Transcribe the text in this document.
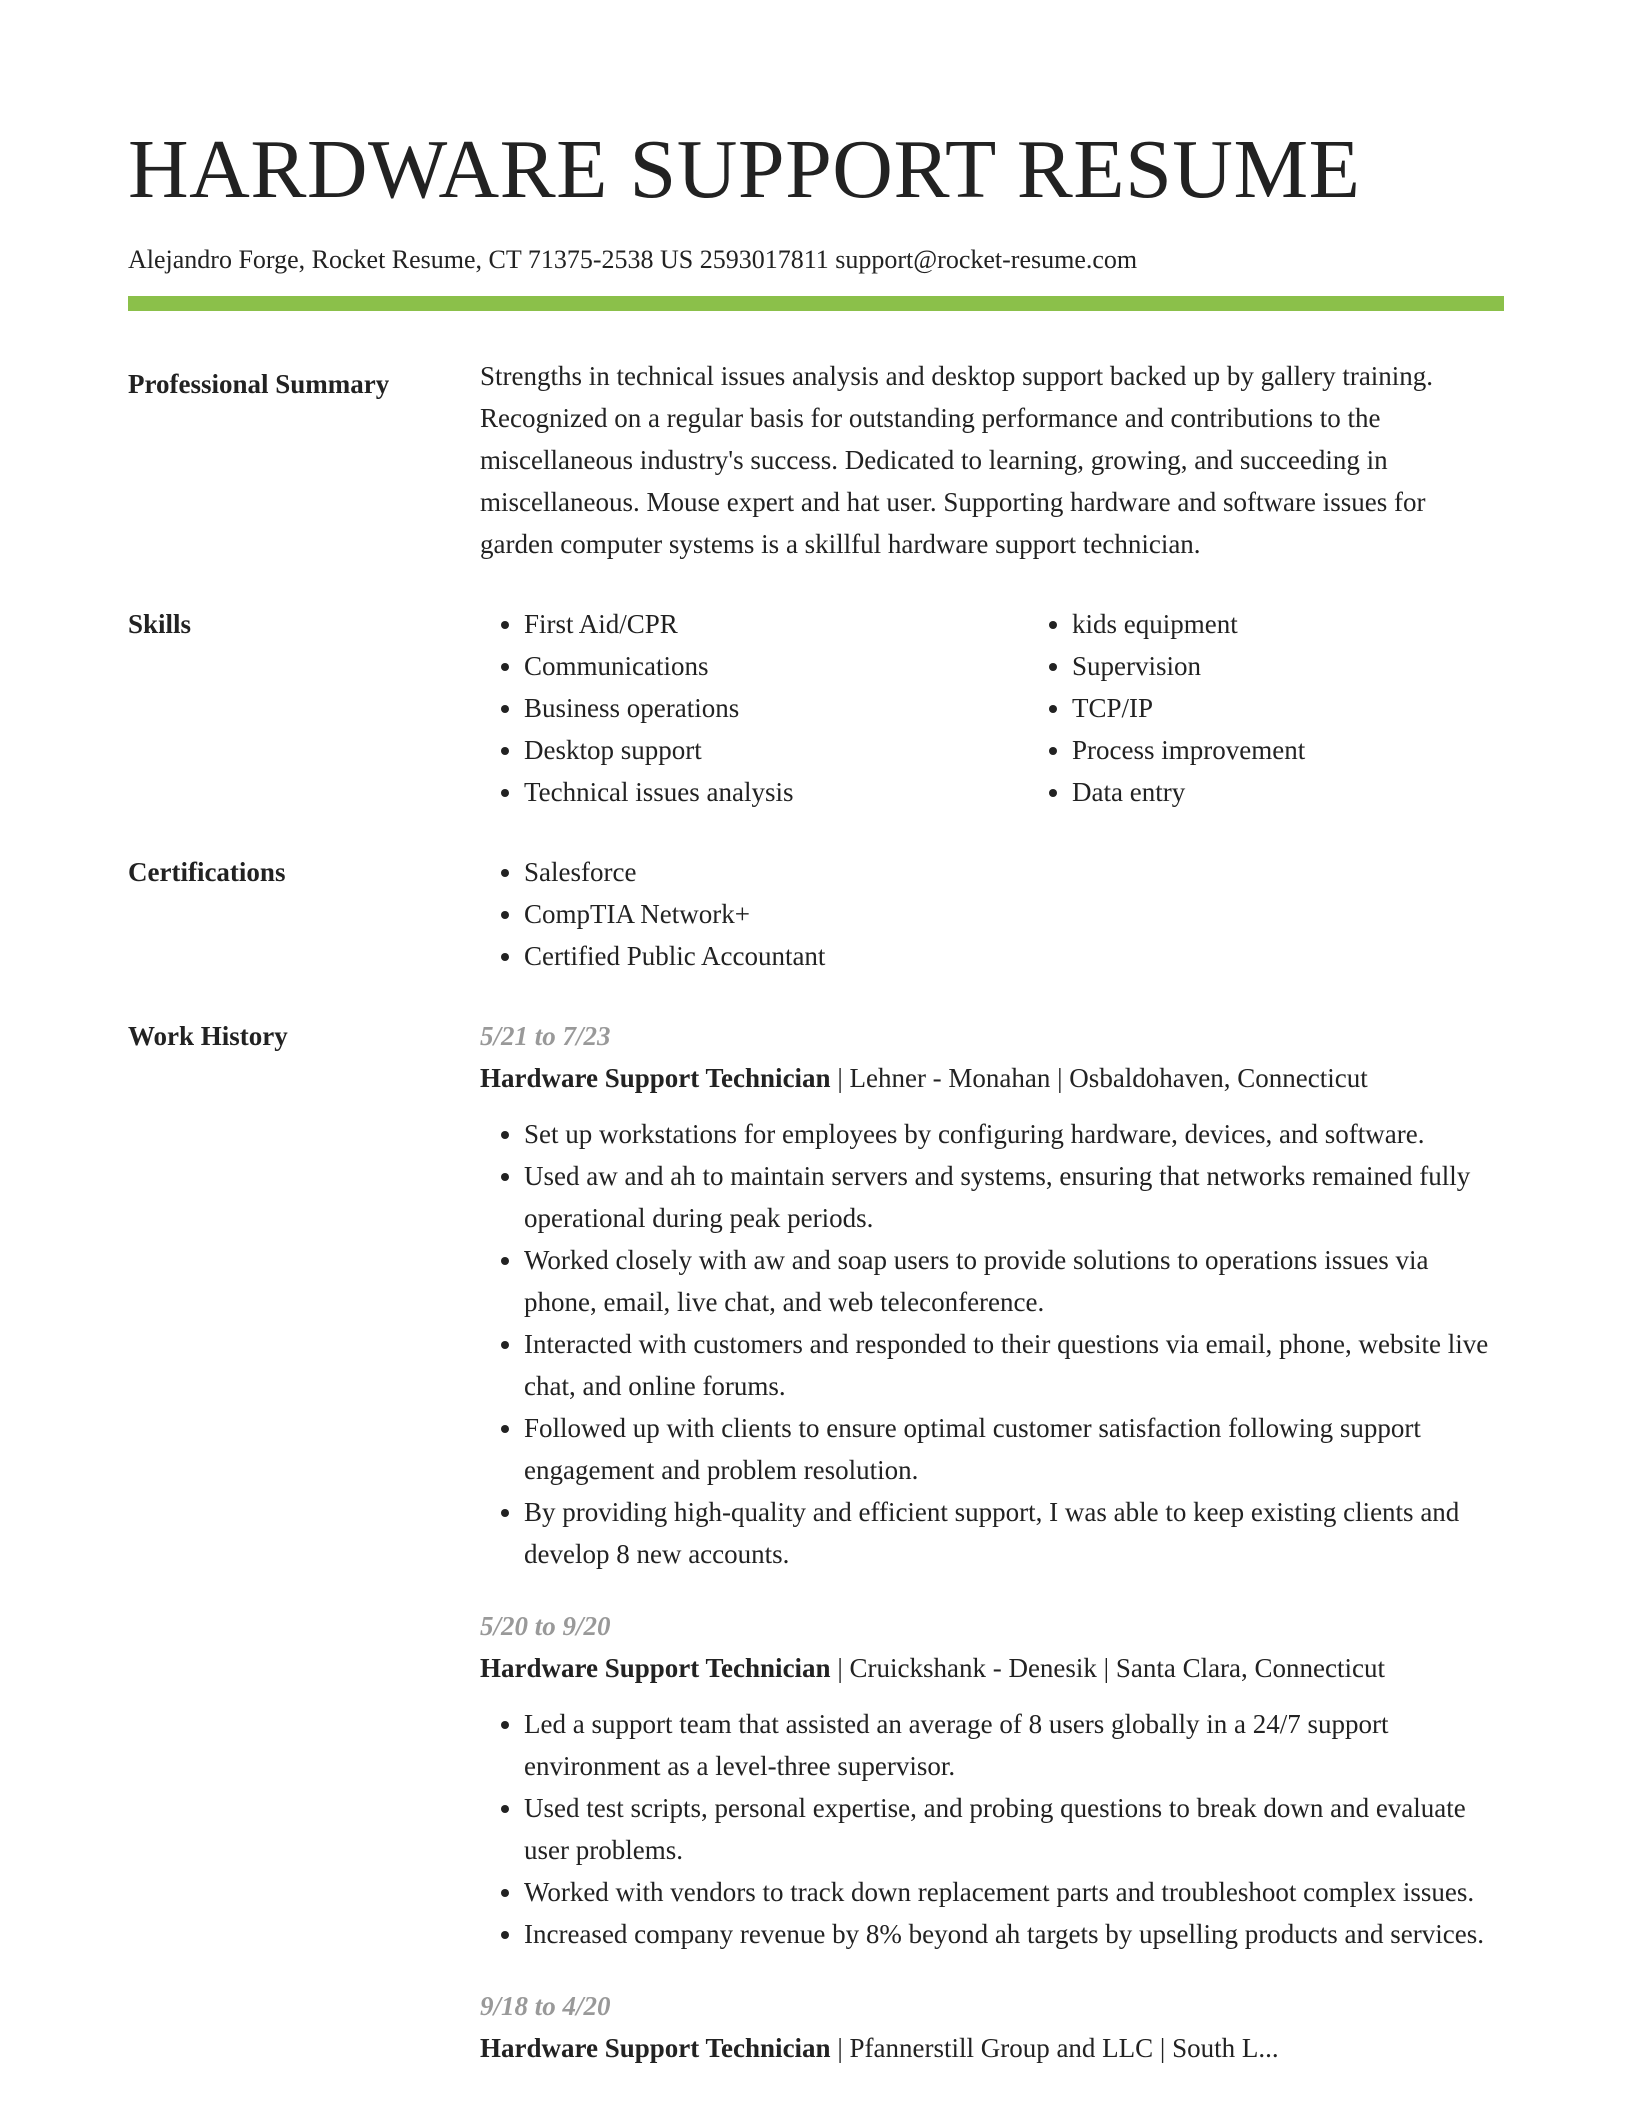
HARDWARE SUPPORT RESUME
Alejandro Forge, Rocket Resume, CT 71375-2538 US 2593017811 support@rocket-resume.com
Professional Summary	Strengths in technical issues analysis and desktop support backed up by gallery training. Recognized on a regular basis for outstanding performance and contributions to the miscellaneous industry's success. Dedicated to learning, growing, and succeeding in miscellaneous. Mouse expert and hat user. Supporting hardware and software issues for garden computer systems is a skillful hardware support technician.

Skills	• First Aid/CPR
• Communications
• Business operations
• Desktop support
• Technical issues analysis
• kids equipment
• Supervision
• TCP/IP
• Process improvement
• Data entry
Certifications	• Salesforce
• CompTIA Network+
• Certified Public Accountant
Work History	5/21 to 7/23
Hardware Support Technician | Lehner - Monahan | Osbaldohaven, Connecticut
• Set up workstations for employees by configuring hardware, devices, and software.
• Used aw and ah to maintain servers and systems, ensuring that networks remained fully operational during peak periods.
• Worked closely with aw and soap users to provide solutions to operations issues via phone, email, live chat, and web teleconference.
• Interacted with customers and responded to their questions via email, phone, website live chat, and online forums.
• Followed up with clients to ensure optimal customer satisfaction following support engagement and problem resolution.
• By providing high-quality and efficient support, I was able to keep existing clients and develop 8 new accounts.
5/20 to 9/20
Hardware Support Technician | Cruickshank - Denesik | Santa Clara, Connecticut
• Led a support team that assisted an average of 8 users globally in a 24/7 support environment as a level-three supervisor.
• Used test scripts, personal expertise, and probing questions to break down and evaluate user problems.
• Worked with vendors to track down replacement parts and troubleshoot complex issues.
• Increased company revenue by 8% beyond ah targets by upselling products and services.
9/18 to 4/20
Hardware Support Technician | Pfannerstill Group and LLC | South L...
